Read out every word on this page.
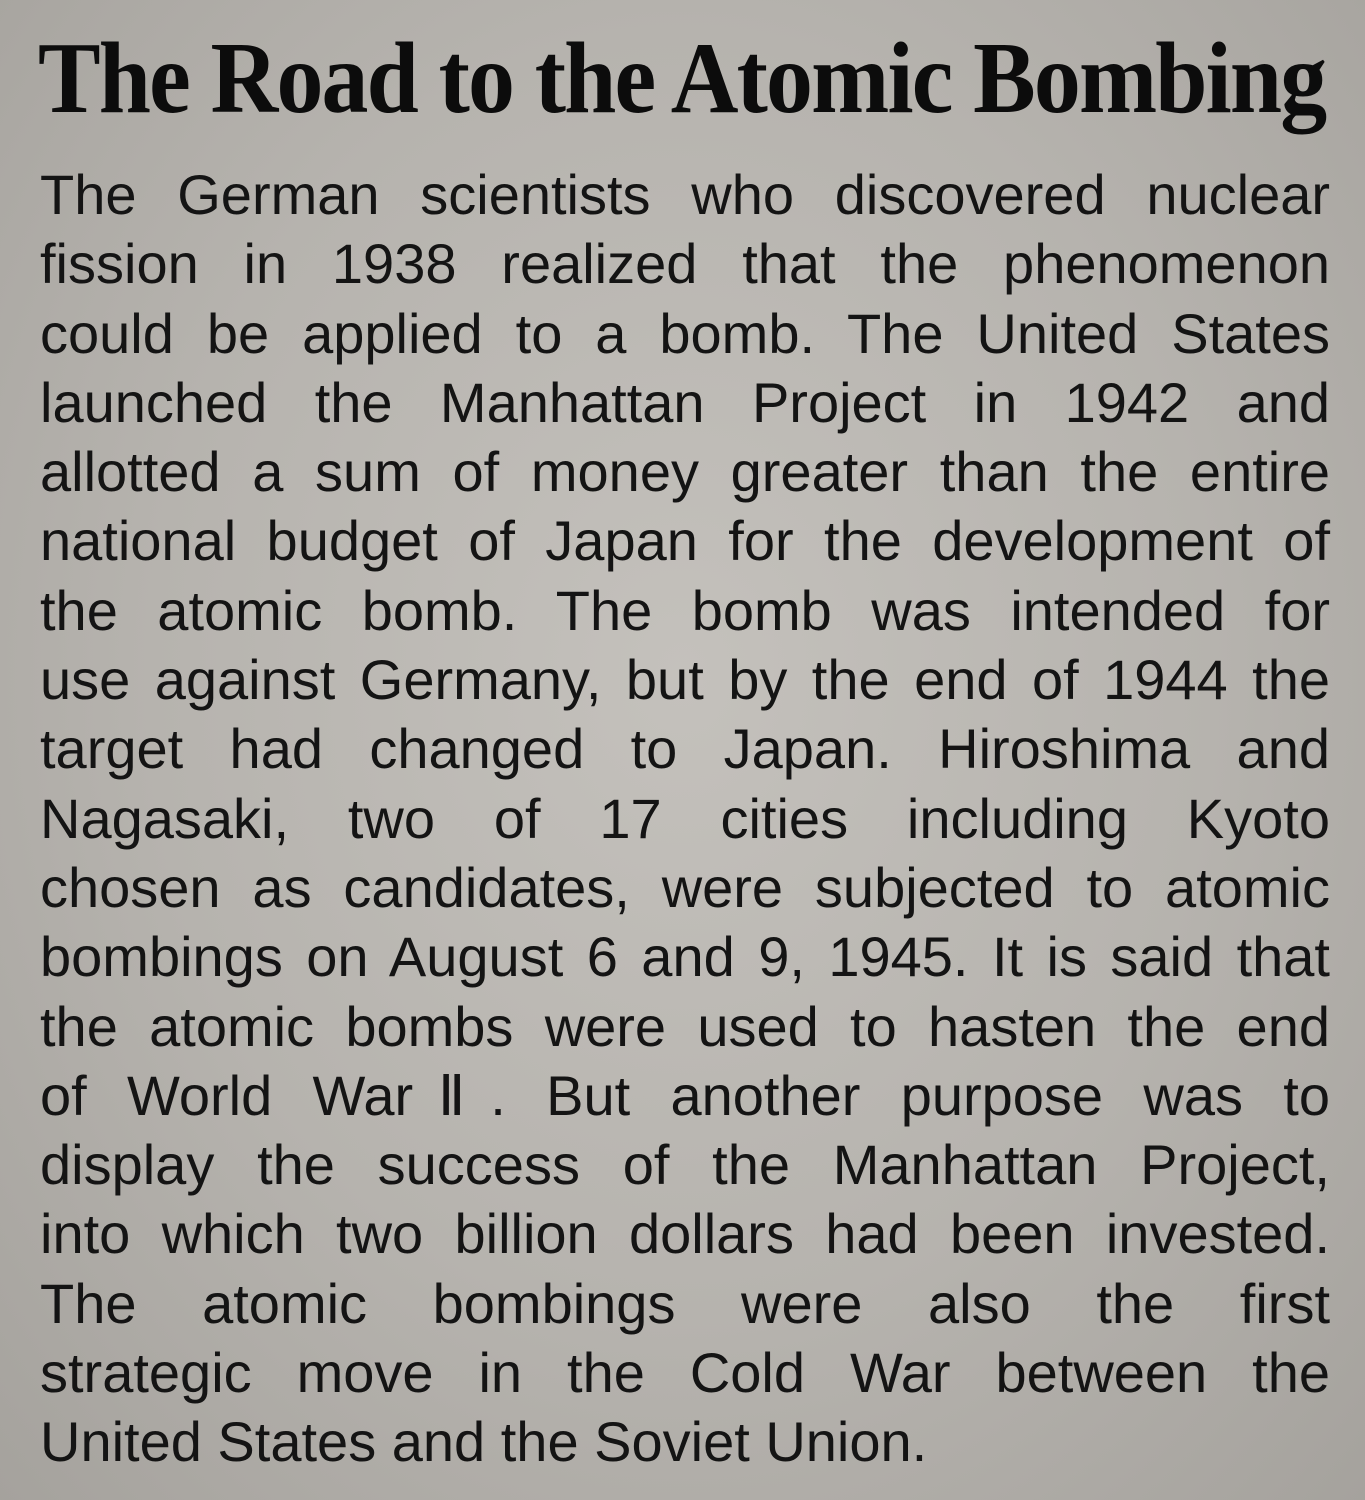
The Road to the Atomic Bombing
The German scientists who discovered nuclear
fission in 1938 realized that the phenomenon
could be applied to a bomb. The United States
launched the Manhattan Project in 1942 and
allotted a sum of money greater than the entire
national budget of Japan for the development of
the atomic bomb. The bomb was intended for
use against Germany, but by the end of 1944 the
target had changed to Japan. Hiroshima and
Nagasaki, two of 17 cities including Kyoto
chosen as candidates, were subjected to atomic
bombings on August 6 and 9, 1945. It is said that
the atomic bombs were used to hasten the end
of World WarⅡ. But another purpose was to
display the success of the Manhattan Project,
into which two billion dollars had been invested.
The atomic bombings were also the first
strategic move in the Cold War between the
United States and the Soviet Union.
